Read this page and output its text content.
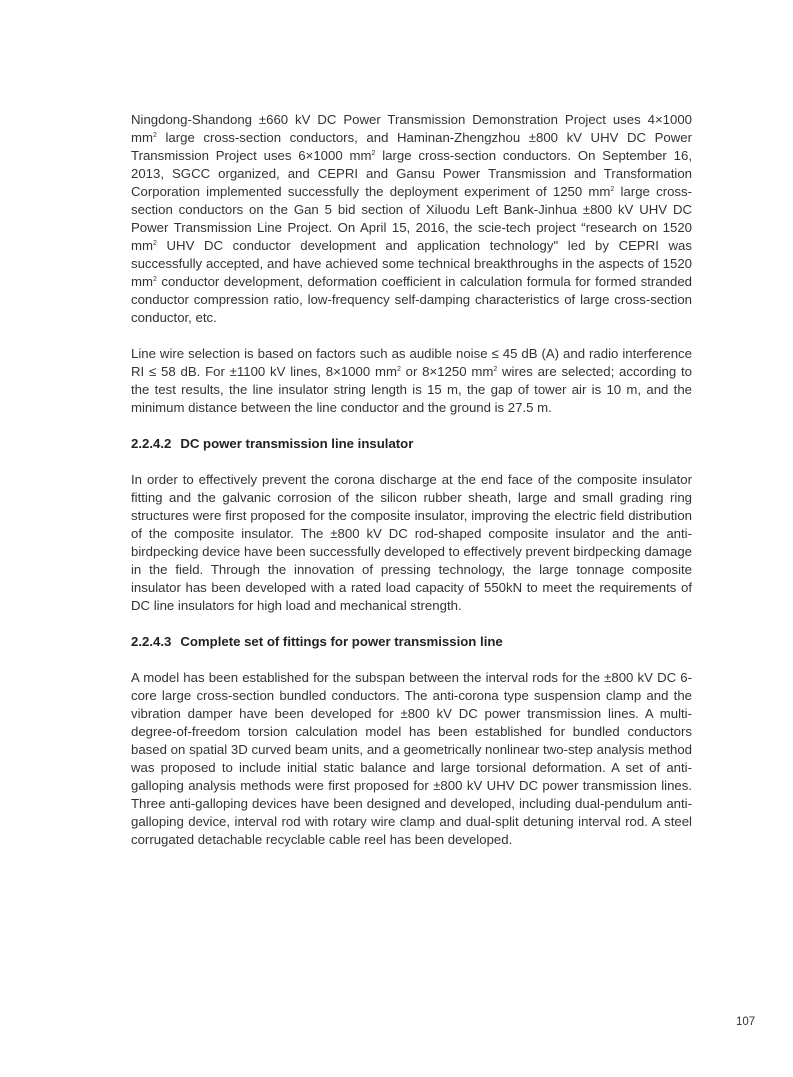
Ningdong-Shandong ±660 kV DC Power Transmission Demonstration Project uses 4×1000 $mm^2$ large cross-section conductors, and Haminan-Zhengzhou ±800 kV UHV DC Power Transmission Project uses 6×1000 $mm^2$ large cross-section conductors. On September 16, 2013, SGCC organized, and CEPRI and Gansu Power Transmission and Transformation Corporation implemented successfully the deployment experiment of 1250 $mm^2$ large cross-section conductors on the Gan 5 bid section of Xiluodu Left Bank-Jinhua ±800 kV UHV DC Power Transmission Line Project. On April 15, 2016, the scie-tech project “research on 1520 $mm^2$ UHV DC conductor development and application technology" led by CEPRI was successfully accepted, and have achieved some technical breakthroughs in the aspects of 1520 $mm^2$ conductor development, deformation coefficient in calculation formula for formed stranded conductor compression ratio, low-frequency self-damping characteristics of large cross-section conductor, etc.

Line wire selection is based on factors such as audible noise ≤ 45 dB (A) and radio interference RI ≤ 58 dB. For ±1100 kV lines, 8×1000 $mm^2$ or 8×1250 $mm^2$ wires are selected; according to the test results, the line insulator string length is 15 m, the gap of tower air is 10 m, and the minimum distance between the line conductor and the ground is 27.5 m.

2.2.4.2 DC power transmission line insulator

In order to effectively prevent the corona discharge at the end face of the composite insulator fitting and the galvanic corrosion of the silicon rubber sheath, large and small grading ring structures were first proposed for the composite insulator, improving the electric field distribution of the composite insulator. The ±800 kV DC rod-shaped composite insulator and the anti-birdpecking device have been successfully developed to effectively prevent birdpecking damage in the field. Through the innovation of pressing technology, the large tonnage composite insulator has been developed with a rated load capacity of 550kN to meet the requirements of DC line insulators for high load and mechanical strength.

2.2.4.3 Complete set of fittings for power transmission line

A model has been established for the subspan between the interval rods for the ±800 kV DC 6-core large cross-section bundled conductors. The anti-corona type suspension clamp and the vibration damper have been developed for ±800 kV DC power transmission lines. A multi-degree-of-freedom torsion calculation model has been established for bundled conductors based on spatial 3D curved beam units, and a geometrically nonlinear two-step analysis method was proposed to include initial static balance and large torsional deformation. A set of anti-galloping analysis methods were first proposed for ±800 kV UHV DC power transmission lines. Three anti-galloping devices have been designed and developed, including dual-pendulum anti-galloping device, interval rod with rotary wire clamp and dual-split detuning interval rod. A steel corrugated detachable recyclable cable reel has been developed.

107
